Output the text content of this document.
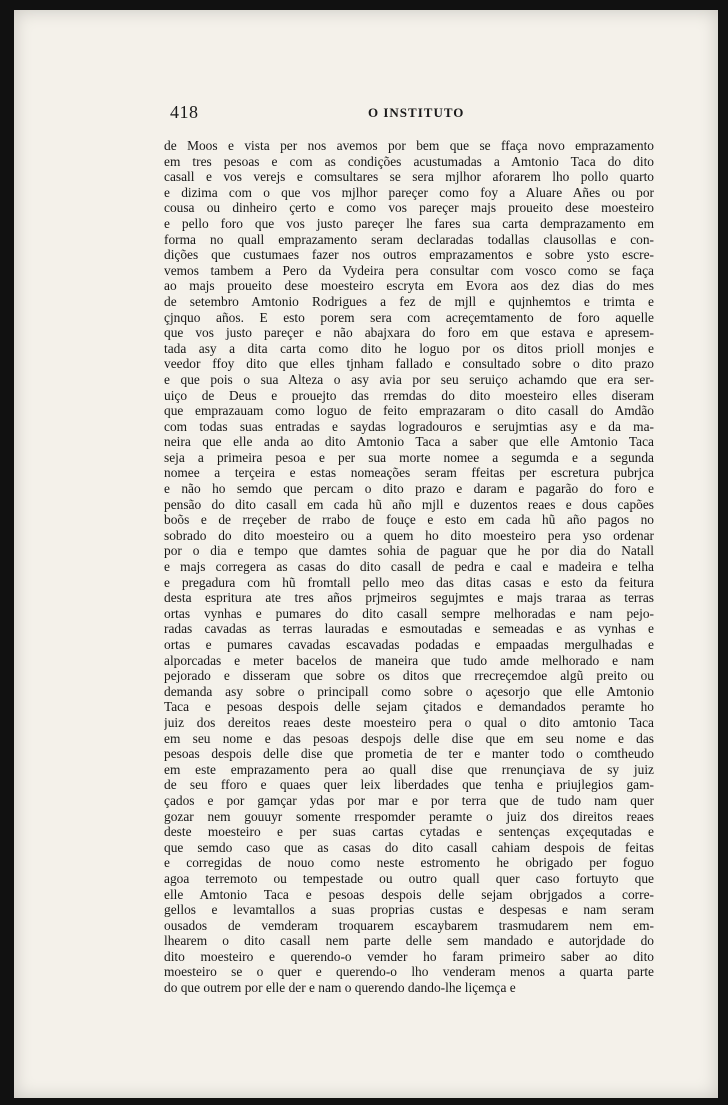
418	O INSTITUTO
de Moos e vista per nos avemos por bem que se ffaça novo emprazamento
em tres pesoas e com as condições acustumadas a Amtonio Taca do dito
casall e vos verejs e comsultares se sera mjlhor aforarem lho pollo quarto
e dizima com o que vos mjlhor pareçer como foy a Aluare Añes ou por
cousa ou dinheiro çerto e como vos pareçer majs proueito dese moesteiro
e pello foro que vos justo pareçer lhe fares sua carta demprazamento em
forma no quall emprazamento seram declaradas todallas clausollas e con-
dições que custumaes fazer nos outros emprazamentos e sobre ysto escre-
vemos tambem a Pero da Vydeira pera consultar com vosco como se faça
ao majs proueito dese moesteiro escryta em Evora aos dez dias do mes
de setembro Amtonio Rodrigues a fez de mjll e qujnhemtos e trimta e
çjnquo años. E esto porem sera com acreçemtamento de foro aquelle
que vos justo pareçer e não abajxara do foro em que estava e apresem-
tada asy a dita carta como dito he loguo por os ditos prioll monjes e
veedor ffoy dito que elles tjnham fallado e consultado sobre o dito prazo
e que pois o sua Alteza o asy avia por seu seruiço achamdo que era ser-
uiço de Deus e prouejto das rremdas do dito moesteiro elles diseram
que emprazauam como loguo de feito emprazaram o dito casall do Amdão
com todas suas entradas e saydas logradouros e serujmtias asy e da ma-
neira que elle anda ao dito Amtonio Taca a saber que elle Amtonio Taca
seja a primeira pesoa e per sua morte nomee a segumda e a segunda
nomee a terçeira e estas nomeações seram ffeitas per escretura pubrjca
e não ho semdo que percam o dito prazo e daram e pagarão do foro e
pensão do dito casall em cada hũ año mjll e duzentos reaes e dous capões
boõs e de rreçeber de rrabo de fouçe e esto em cada hũ año pagos no
sobrado do dito moesteiro ou a quem ho dito moesteiro pera yso ordenar
por o dia e tempo que damtes sohia de paguar que he por dia do Natall
e majs corregera as casas do dito casall de pedra e caal e madeira e telha
e pregadura com hũ fromtall pello meo das ditas casas e esto da feitura
desta espritura ate tres años prjmeiros segujmtes e majs traraa as terras
ortas vynhas e pumares do dito casall sempre melhoradas e nam pejo-
radas cavadas as terras lauradas e esmoutadas e semeadas e as vynhas e
ortas e pumares cavadas escavadas podadas e empaadas mergulhadas e
alporcadas e meter bacelos de maneira que tudo amde melhorado e nam
pejorado e disseram que sobre os ditos que rrecreçemdoe algũ preito ou
demanda asy sobre o principall como sobre o açesorjo que elle Amtonio
Taca e pesoas despois delle sejam çitados e demandados peramte ho
juiz dos dereitos reaes deste moesteiro pera o qual o dito amtonio Taca
em seu nome e das pesoas despojs delle dise que em seu nome e das
pesoas despois delle dise que prometia de ter e manter todo o comtheudo
em este emprazamento pera ao quall dise que rrenunçiava de sy juiz
de seu fforo e quaes quer leix liberdades que tenha e priujlegios gam-
çados e por gamçar ydas por mar e por terra que de tudo nam quer
gozar nem gouuyr somente rrespomder peramte o juiz dos direitos reaes
deste moesteiro e per suas cartas cytadas e sentenças exçequtadas e
que semdo caso que as casas do dito casall cahiam despois de feitas
e corregidas de nouo como neste estromento he obrigado per foguo
agoa terremoto ou tempestade ou outro quall quer caso fortuyto que
elle Amtonio Taca e pesoas despois delle sejam obrjgados a corre-
gellos e levamtallos a suas proprias custas e despesas e nam seram
ousados de vemderam troquarem escaybarem trasmudarem nem em-
lhearem o dito casall nem parte delle sem mandado e autorjdade do
dito moesteiro e querendo-o vemder ho faram primeiro saber ao dito
moesteiro se o quer e querendo-o lho venderam menos a quarta parte
do que outrem por elle der e nam o querendo dando-lhe liçemça e
